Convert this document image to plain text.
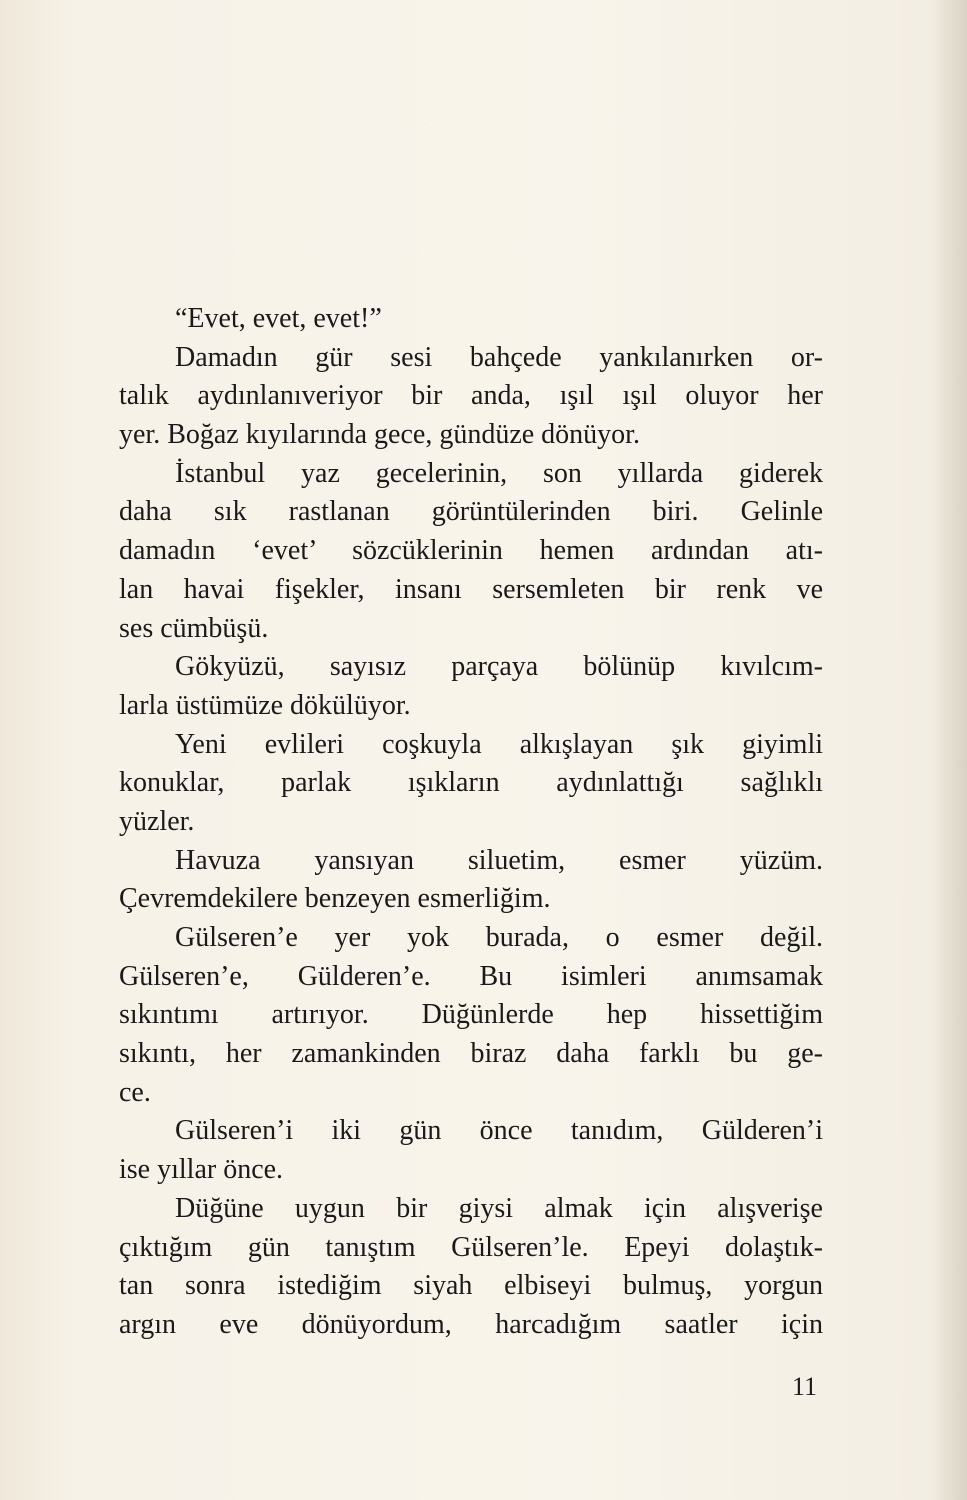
“Evet, evet, evet!”
Damadın gür sesi bahçede yankılanırken or-
talık aydınlanıveriyor bir anda, ışıl ışıl oluyor her
yer. Boğaz kıyılarında gece, gündüze dönüyor.
İstanbul yaz gecelerinin, son yıllarda giderek
daha sık rastlanan görüntülerinden biri. Gelinle
damadın ‘evet’ sözcüklerinin hemen ardından atı-
lan havai fişekler, insanı sersemleten bir renk ve
ses cümbüşü.
Gökyüzü, sayısız parçaya bölünüp kıvılcım-
larla üstümüze dökülüyor.
Yeni evlileri coşkuyla alkışlayan şık giyimli
konuklar, parlak ışıkların aydınlattığı sağlıklı
yüzler.
Havuza yansıyan siluetim, esmer yüzüm.
Çevremdekilere benzeyen esmerliğim.
Gülseren’e yer yok burada, o esmer değil.
Gülseren’e, Gülderen’e. Bu isimleri anımsamak
sıkıntımı artırıyor. Düğünlerde hep hissettiğim
sıkıntı, her zamankinden biraz daha farklı bu ge-
ce.
Gülseren’i iki gün önce tanıdım, Gülderen’i
ise yıllar önce.
Düğüne uygun bir giysi almak için alışverişe
çıktığım gün tanıştım Gülseren’le. Epeyi dolaştık-
tan sonra istediğim siyah elbiseyi bulmuş, yorgun
argın eve dönüyordum, harcadığım saatler için
11
